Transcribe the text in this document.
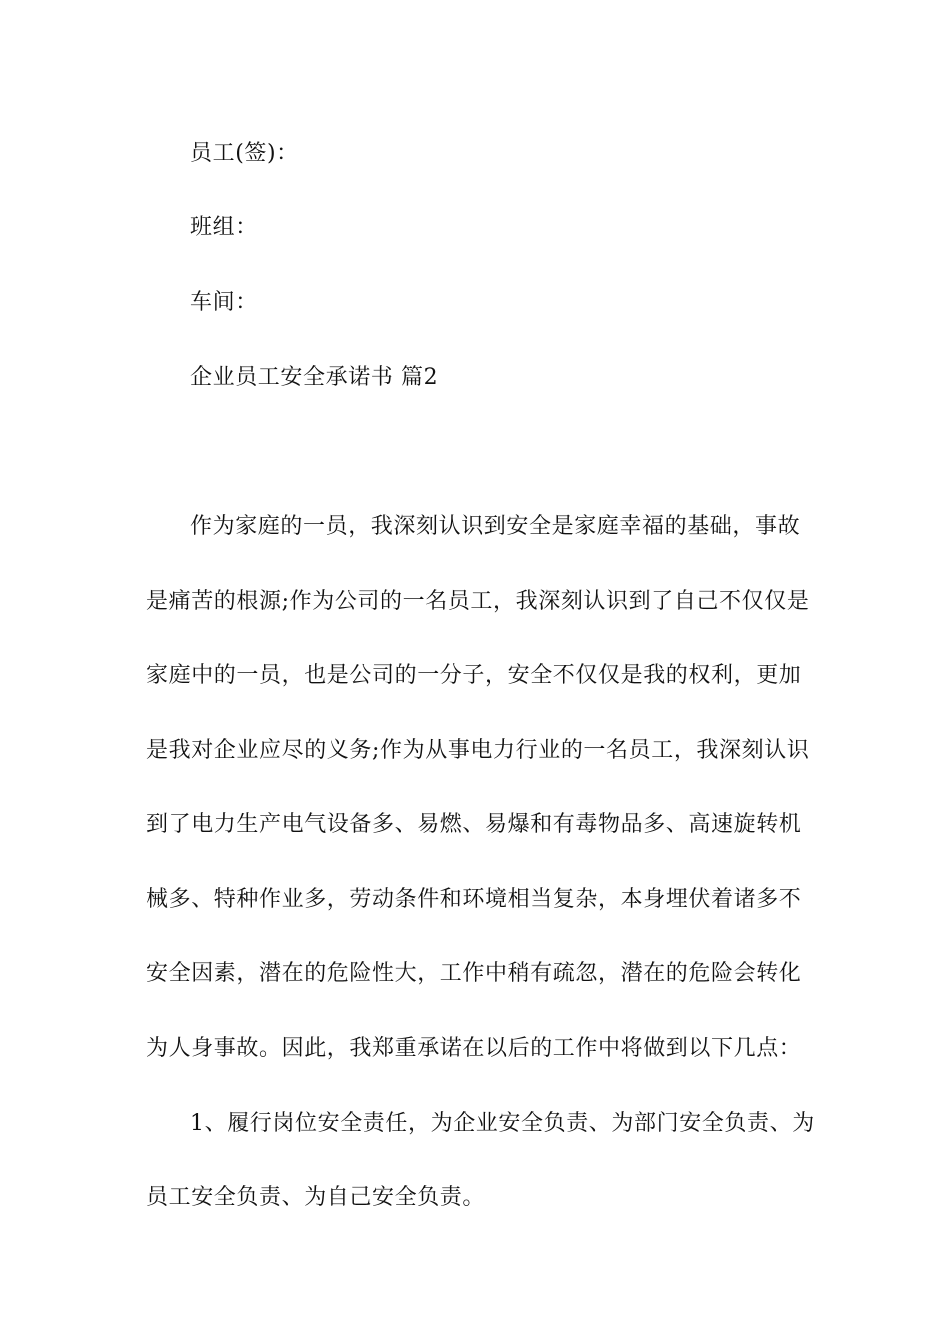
员工(签)：
班组：
车间：
企业员工安全承诺书 篇2
作为家庭的一员，我深刻认识到安全是家庭幸福的基础，事故
是痛苦的根源;作为公司的一名员工，我深刻认识到了自己不仅仅是
家庭中的一员，也是公司的一分子，安全不仅仅是我的权利，更加
是我对企业应尽的义务;作为从事电力行业的一名员工，我深刻认识
到了电力生产电气设备多、易燃、易爆和有毒物品多、高速旋转机
械多、特种作业多，劳动条件和环境相当复杂，本身埋伏着诸多不
安全因素，潜在的危险性大，工作中稍有疏忽，潜在的危险会转化
为人身事故。因此，我郑重承诺在以后的工作中将做到以下几点：
1、履行岗位安全责任，为企业安全负责、为部门安全负责、为
员工安全负责、为自己安全负责。
